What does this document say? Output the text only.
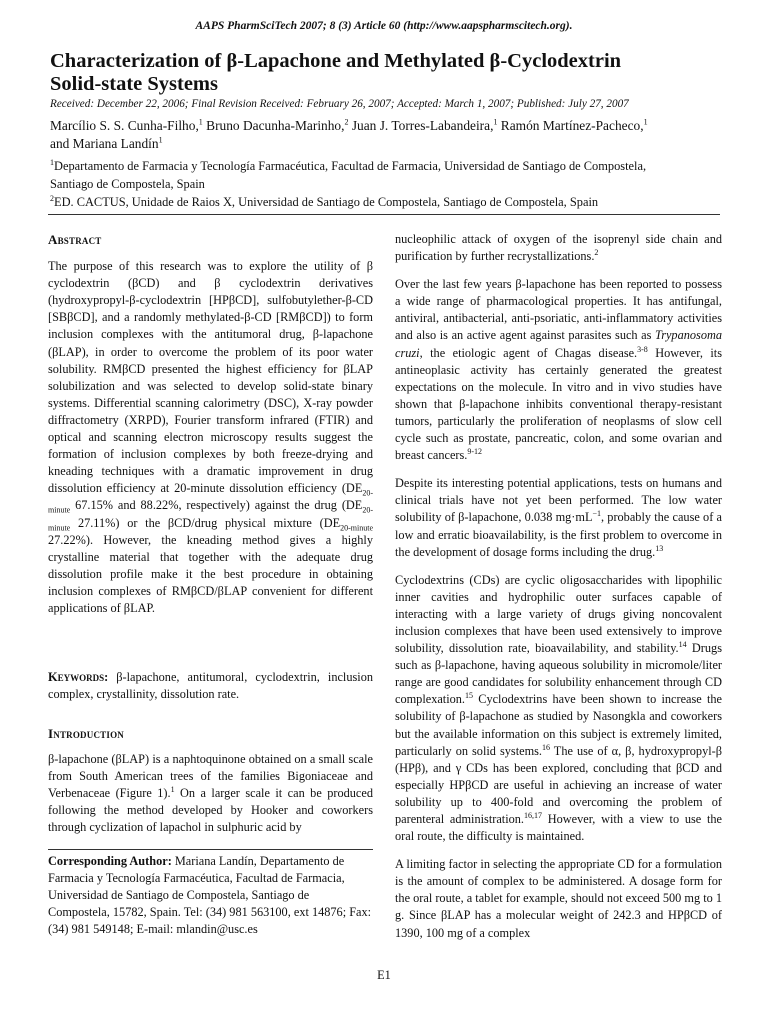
AAPS PharmSciTech 2007; 8 (3) Article 60 (http://www.aapspharmscitech.org).
Characterization of β-Lapachone and Methylated β-Cyclodextrin
Solid-state Systems
Received: December 22, 2006; Final Revision Received: February 26, 2007; Accepted: March 1, 2007; Published: July 27, 2007
Marcílio S. S. Cunha-Filho,$^1$ Bruno Dacunha-Marinho,$^2$ Juan J. Torres-Labandeira,$^1$ Ramón Martínez-Pacheco,$^1$
and Mariana Landín$^1$

$^1$Departamento de Farmacia y Tecnología Farmacéutica, Facultad de Farmacia, Universidad de Santiago de Compostela,
Santiago de Compostela, Spain

$^2$ED. CACTUS, Unidade de Raios X, Universidad de Santiago de Compostela, Santiago de Compostela, Spain

Abstract

The purpose of this research was to explore the utility of β cyclodextrin (βCD) and β cyclodextrin derivatives (hydroxypropyl-β-cyclodextrin [HPβCD], sulfobutylether-β-CD [SBβCD], and a randomly methylated-β-CD [RMβCD]) to form inclusion complexes with the antitumoral drug, β-lapachone (βLAP), in order to overcome the problem of its poor water solubility. RMβCD presented the highest efficiency for βLAP solubilization and was selected to develop solid-state binary systems. Differential scanning calorimetry (DSC), X-ray powder diffractometry (XRPD), Fourier transform infrared (FTIR) and optical and scanning electron microscopy results suggest the formation of inclusion complexes by both freeze-drying and kneading techniques with a dramatic improvement in drug dissolution efficiency at 20-minute dissolution efficiency ($DE_{20-minute}$ 67.15% and 88.22%, respectively) against the drug ($DE_{20-minute}$ 27.11%) or the βCD/drug physical mixture ($DE_{20-minute}$ 27.22%). However, the kneading method gives a highly crystalline material that together with the adequate drug dissolution profile make it the best procedure in obtaining inclusion complexes of RMβCD/βLAP convenient for different applications of βLAP.

Keywords: β-lapachone, antitumoral, cyclodextrin, inclusion complex, crystallinity, dissolution rate.

Introduction

β-lapachone (βLAP) is a naphtoquinone obtained on a small scale from South American trees of the families Bigoniaceae and Verbenaceae (Figure 1).$^1$ On a larger scale it can be produced following the method developed by Hooker and coworkers through cyclization of lapachol in sulphuric acid by

Corresponding Author: Mariana Landín, Departamento de Farmacia y Tecnología Farmacéutica, Facultad de Farmacia, Universidad de Santiago de Compostela, Santiago de Compostela, 15782, Spain. Tel: (34) 981 563100, ext 14876; Fax: (34) 981 549148; E-mail: mlandin@usc.es

nucleophilic attack of oxygen of the isoprenyl side chain and purification by further recrystallizations.$^2$

Over the last few years β-lapachone has been reported to possess a wide range of pharmacological properties. It has antifungal, antiviral, antibacterial, anti-psoriatic, anti-inflammatory activities and also is an active agent against parasites such as Trypanosoma cruzi, the etiologic agent of Chagas disease.$^{3-8}$ However, its antineoplasic activity has certainly generated the greatest expectations on the molecule. In vitro and in vivo studies have shown that β-lapachone inhibits conventional therapy-resistant tumors, particularly the proliferation of neoplasms of slow cell cycle such as prostate, pancreatic, colon, and some ovarian and breast cancers.$^{9-12}$

Despite its interesting potential applications, tests on humans and clinical trials have not yet been performed. The low water solubility of β-lapachone, 0.038 $mg\cdot mL^{-1}$, probably the cause of a low and erratic bioavailability, is the first problem to overcome in the development of dosage forms including the drug.$^{13}$

Cyclodextrins (CDs) are cyclic oligosaccharides with lipophilic inner cavities and hydrophilic outer surfaces capable of interacting with a large variety of drugs giving noncovalent inclusion complexes that have been used extensively to improve solubility, dissolution rate, bioavailability, and stability.$^{14}$ Drugs such as β-lapachone, having aqueous solubility in micromole/liter range are good candidates for solubility enhancement through CD complexation.$^{15}$ Cyclodextrins have been shown to increase the solubility of β-lapachone as studied by Nasongkla and coworkers but the available information on this subject is extremely limited, particularly on solid systems.$^{16}$ The use of α, β, hydroxypropyl-β (HPβ), and γ CDs has been explored, concluding that βCD and especially HPβCD are useful in achieving an increase of water solubility up to 400-fold and overcoming the problem of parenteral administration.$^{16,17}$ However, with a view to use the oral route, the difficulty is maintained.

A limiting factor in selecting the appropriate CD for a formulation is the amount of complex to be administered. A dosage form for the oral route, a tablet for example, should not exceed 500 mg to 1 g. Since βLAP has a molecular weight of 242.3 and HPβCD of 1390, 100 mg of a complex

E1
